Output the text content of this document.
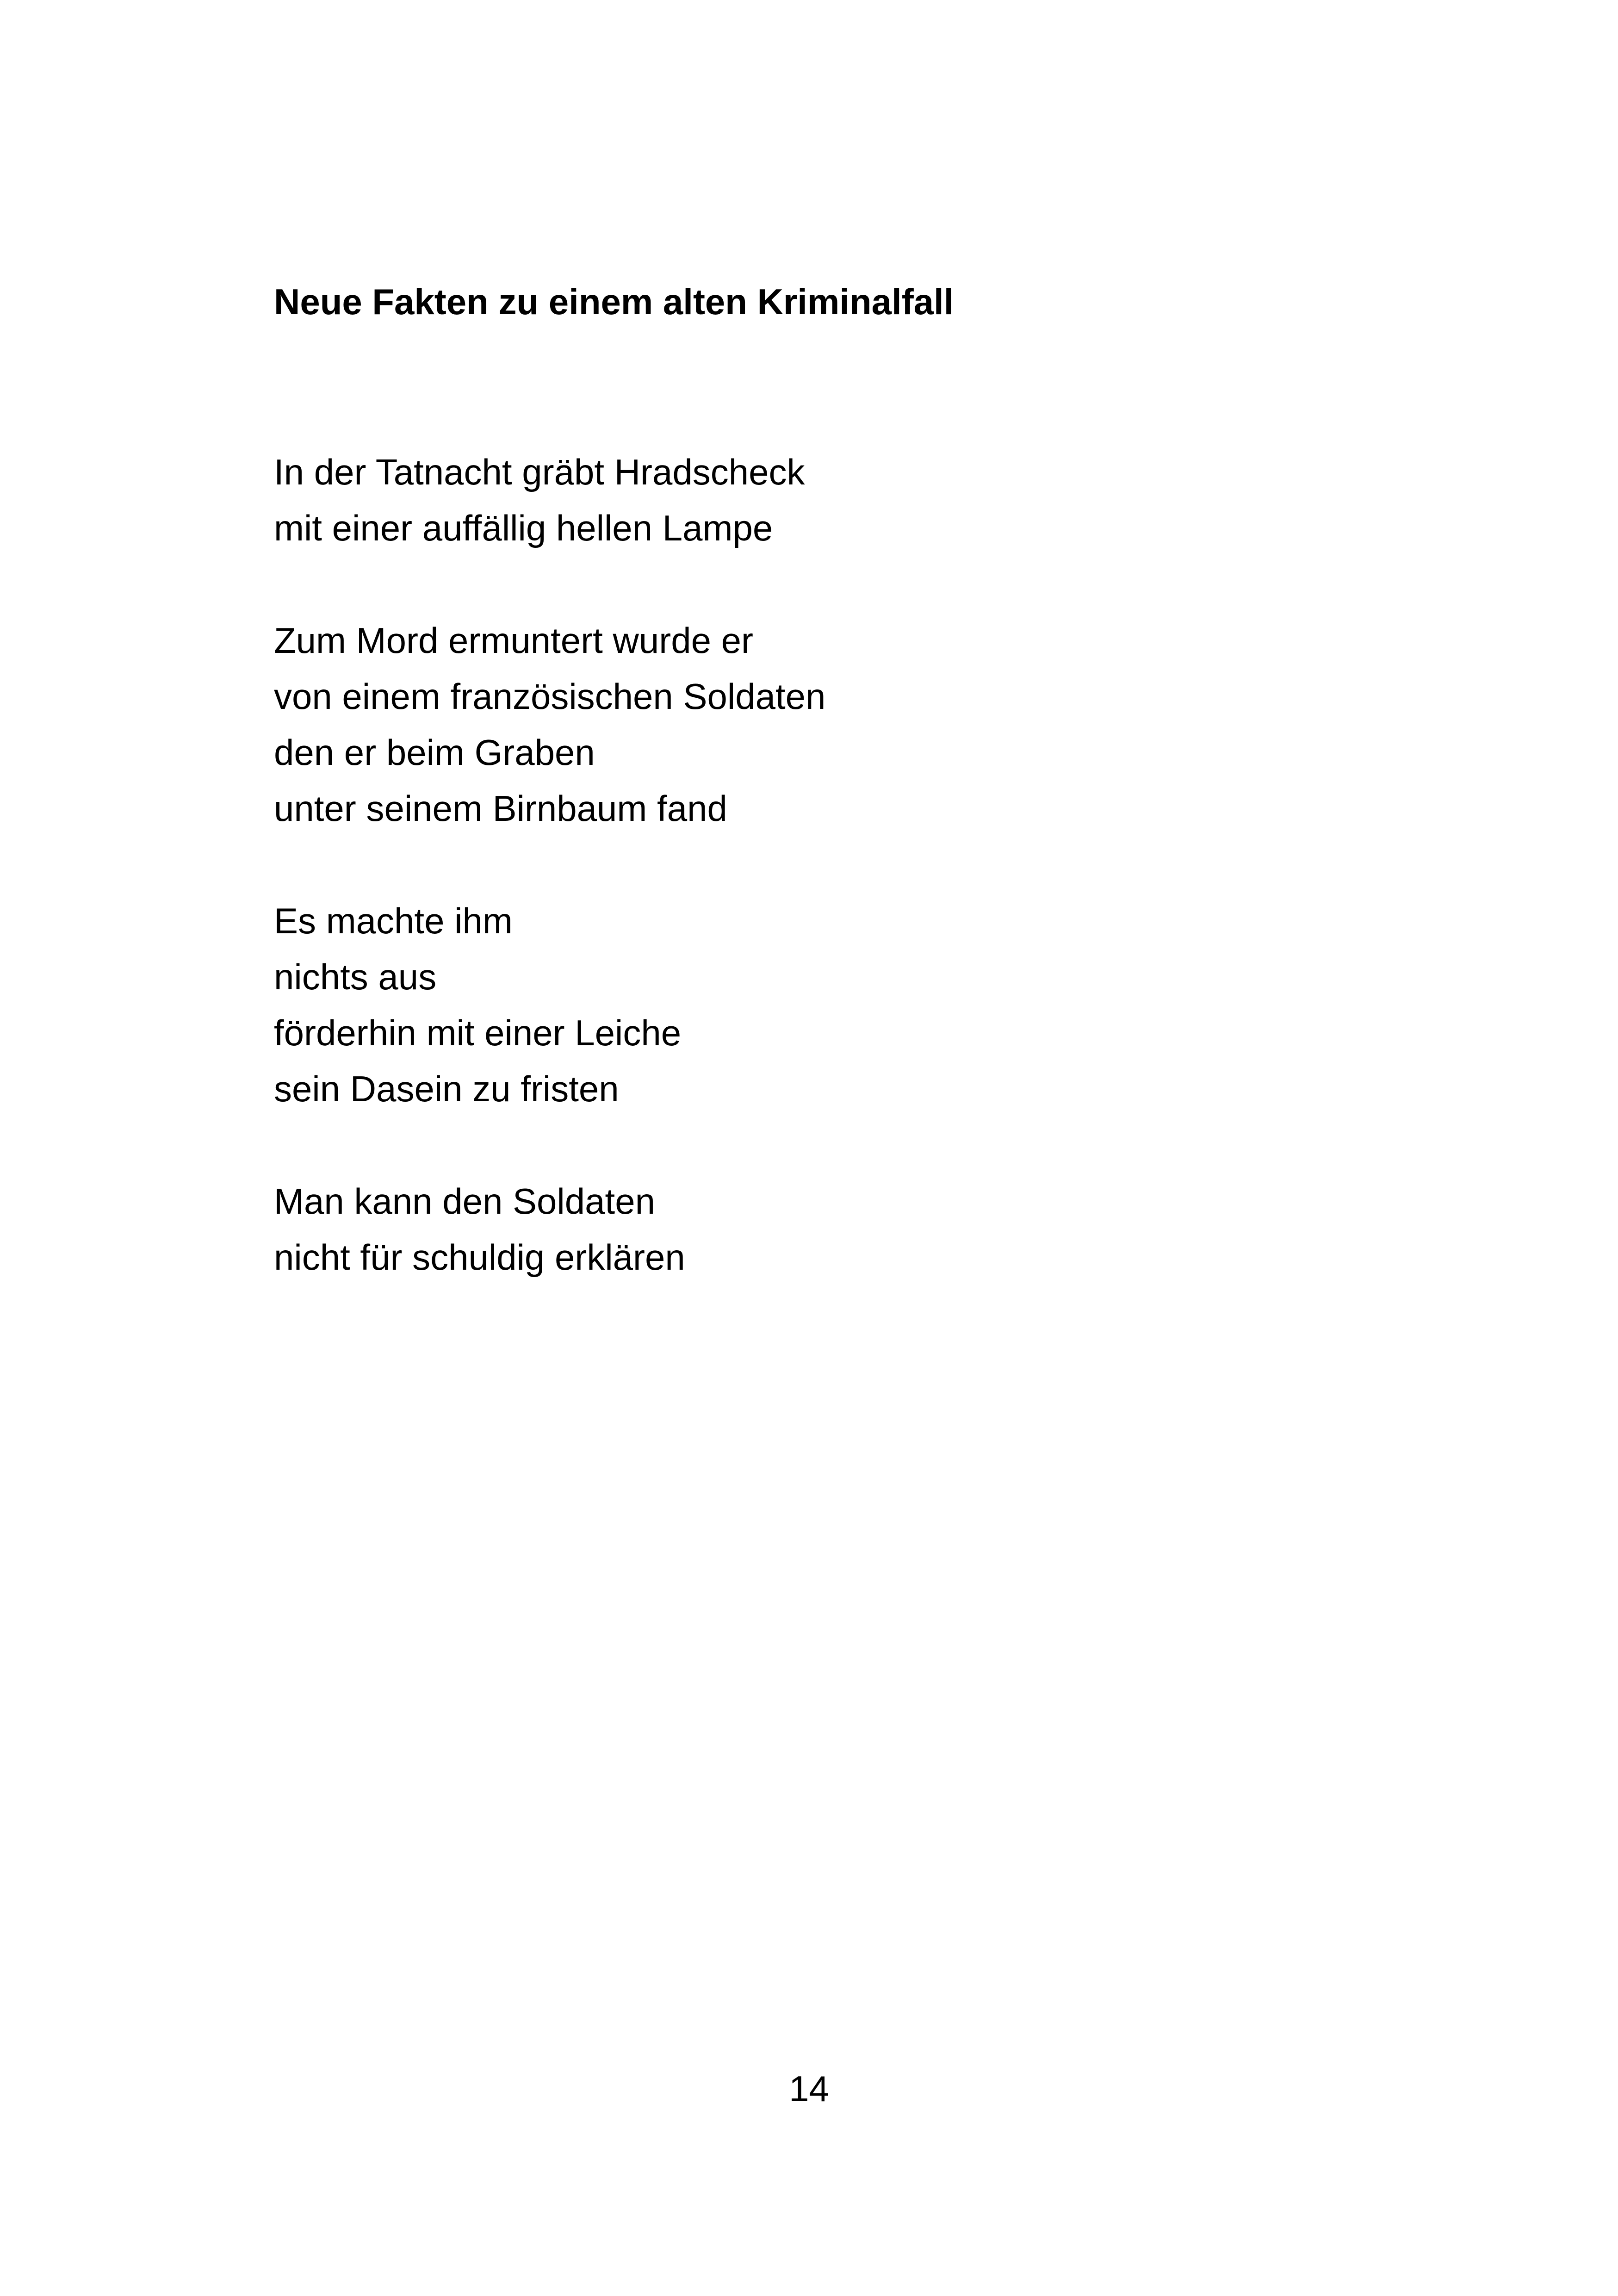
Neue Fakten zu einem alten Kriminalfall
In der Tatnacht gräbt Hradscheck
mit einer auffällig hellen Lampe
Zum Mord ermuntert wurde er
von einem französischen Soldaten
den er beim Graben
unter seinem Birnbaum fand
Es machte ihm
nichts aus
förderhin mit einer Leiche
sein Dasein zu fristen
Man kann den Soldaten
nicht für schuldig erklären
14
